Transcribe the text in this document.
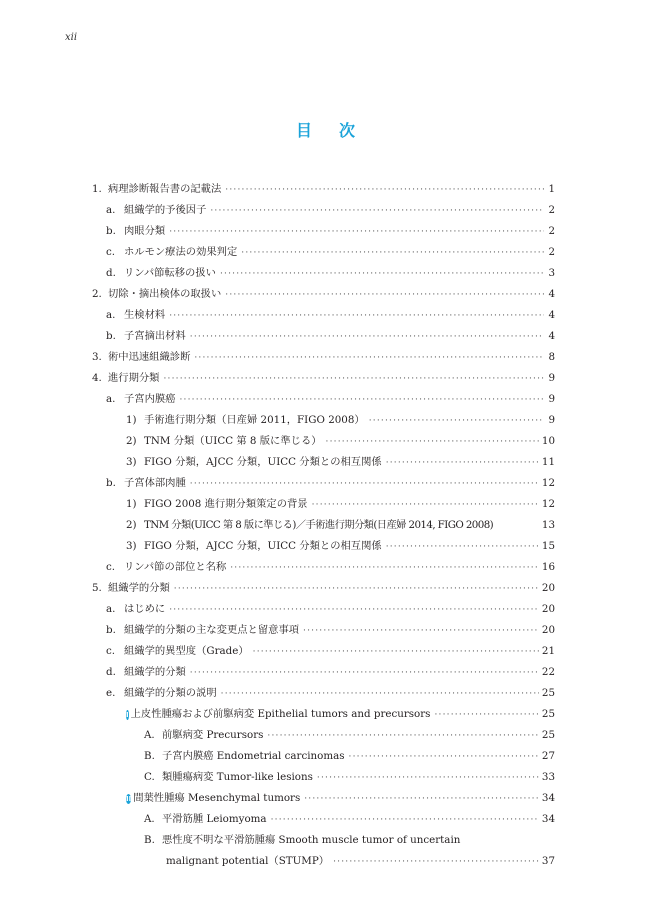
xii
目 次
1. 病理診断報告書の記載法 ·····	1
a. 組織学的予後因子 ·····	2
b. 肉眼分類 ·····	2
c. ホルモン療法の効果判定 ·····	2
d. リンパ節転移の扱い ·····	3
2. 切除・摘出検体の取扱い ·····	4
a. 生検材料 ·····	4
b. 子宮摘出材料 ·····	4
3. 術中迅速組織診断 ·····	8
4. 進行期分類 ·····	9
a. 子宮内膜癌 ·····	9
1) 手術進行期分類（日産婦 2011，FIGO 2008） ·····	9
2) TNM 分類（UICC 第 8 版に準じる） ·····	10
3) FIGO 分類，AJCC 分類，UICC 分類との相互関係 ·····	11
b. 子宮体部肉腫 ·····	12
1) FIGO 2008 進行期分類策定の背景 ·····	12
2) TNM 分類(UICC 第 8 版に準じる)／手術進行期分類(日産婦 2014, FIGO 2008)	13
3) FIGO 分類，AJCC 分類，UICC 分類との相互関係 ·····	15
c. リンパ節の部位と名称 ·····	16
5. 組織学的分類 ·····	20
a. はじめに ·····	20
b. 組織学的分類の主な変更点と留意事項 ·····	20
c. 組織学的異型度（Grade） ·····	21
d. 組織学的分類 ·····	22
e. 組織学的分類の説明 ·····	25
I 上皮性腫瘍および前駆病変 Epithelial tumors and precursors ·····	25
A. 前駆病変 Precursors ·····	25
B. 子宮内膜癌 Endometrial carcinomas ·····	27
C. 類腫瘍病変 Tumor-like lesions ·····	33
II 間葉性腫瘍 Mesenchymal tumors ·····	34
A. 平滑筋腫 Leiomyoma ·····	34
B. 悪性度不明な平滑筋腫瘍 Smooth muscle tumor of uncertain
malignant potential（STUMP） ·····	37
